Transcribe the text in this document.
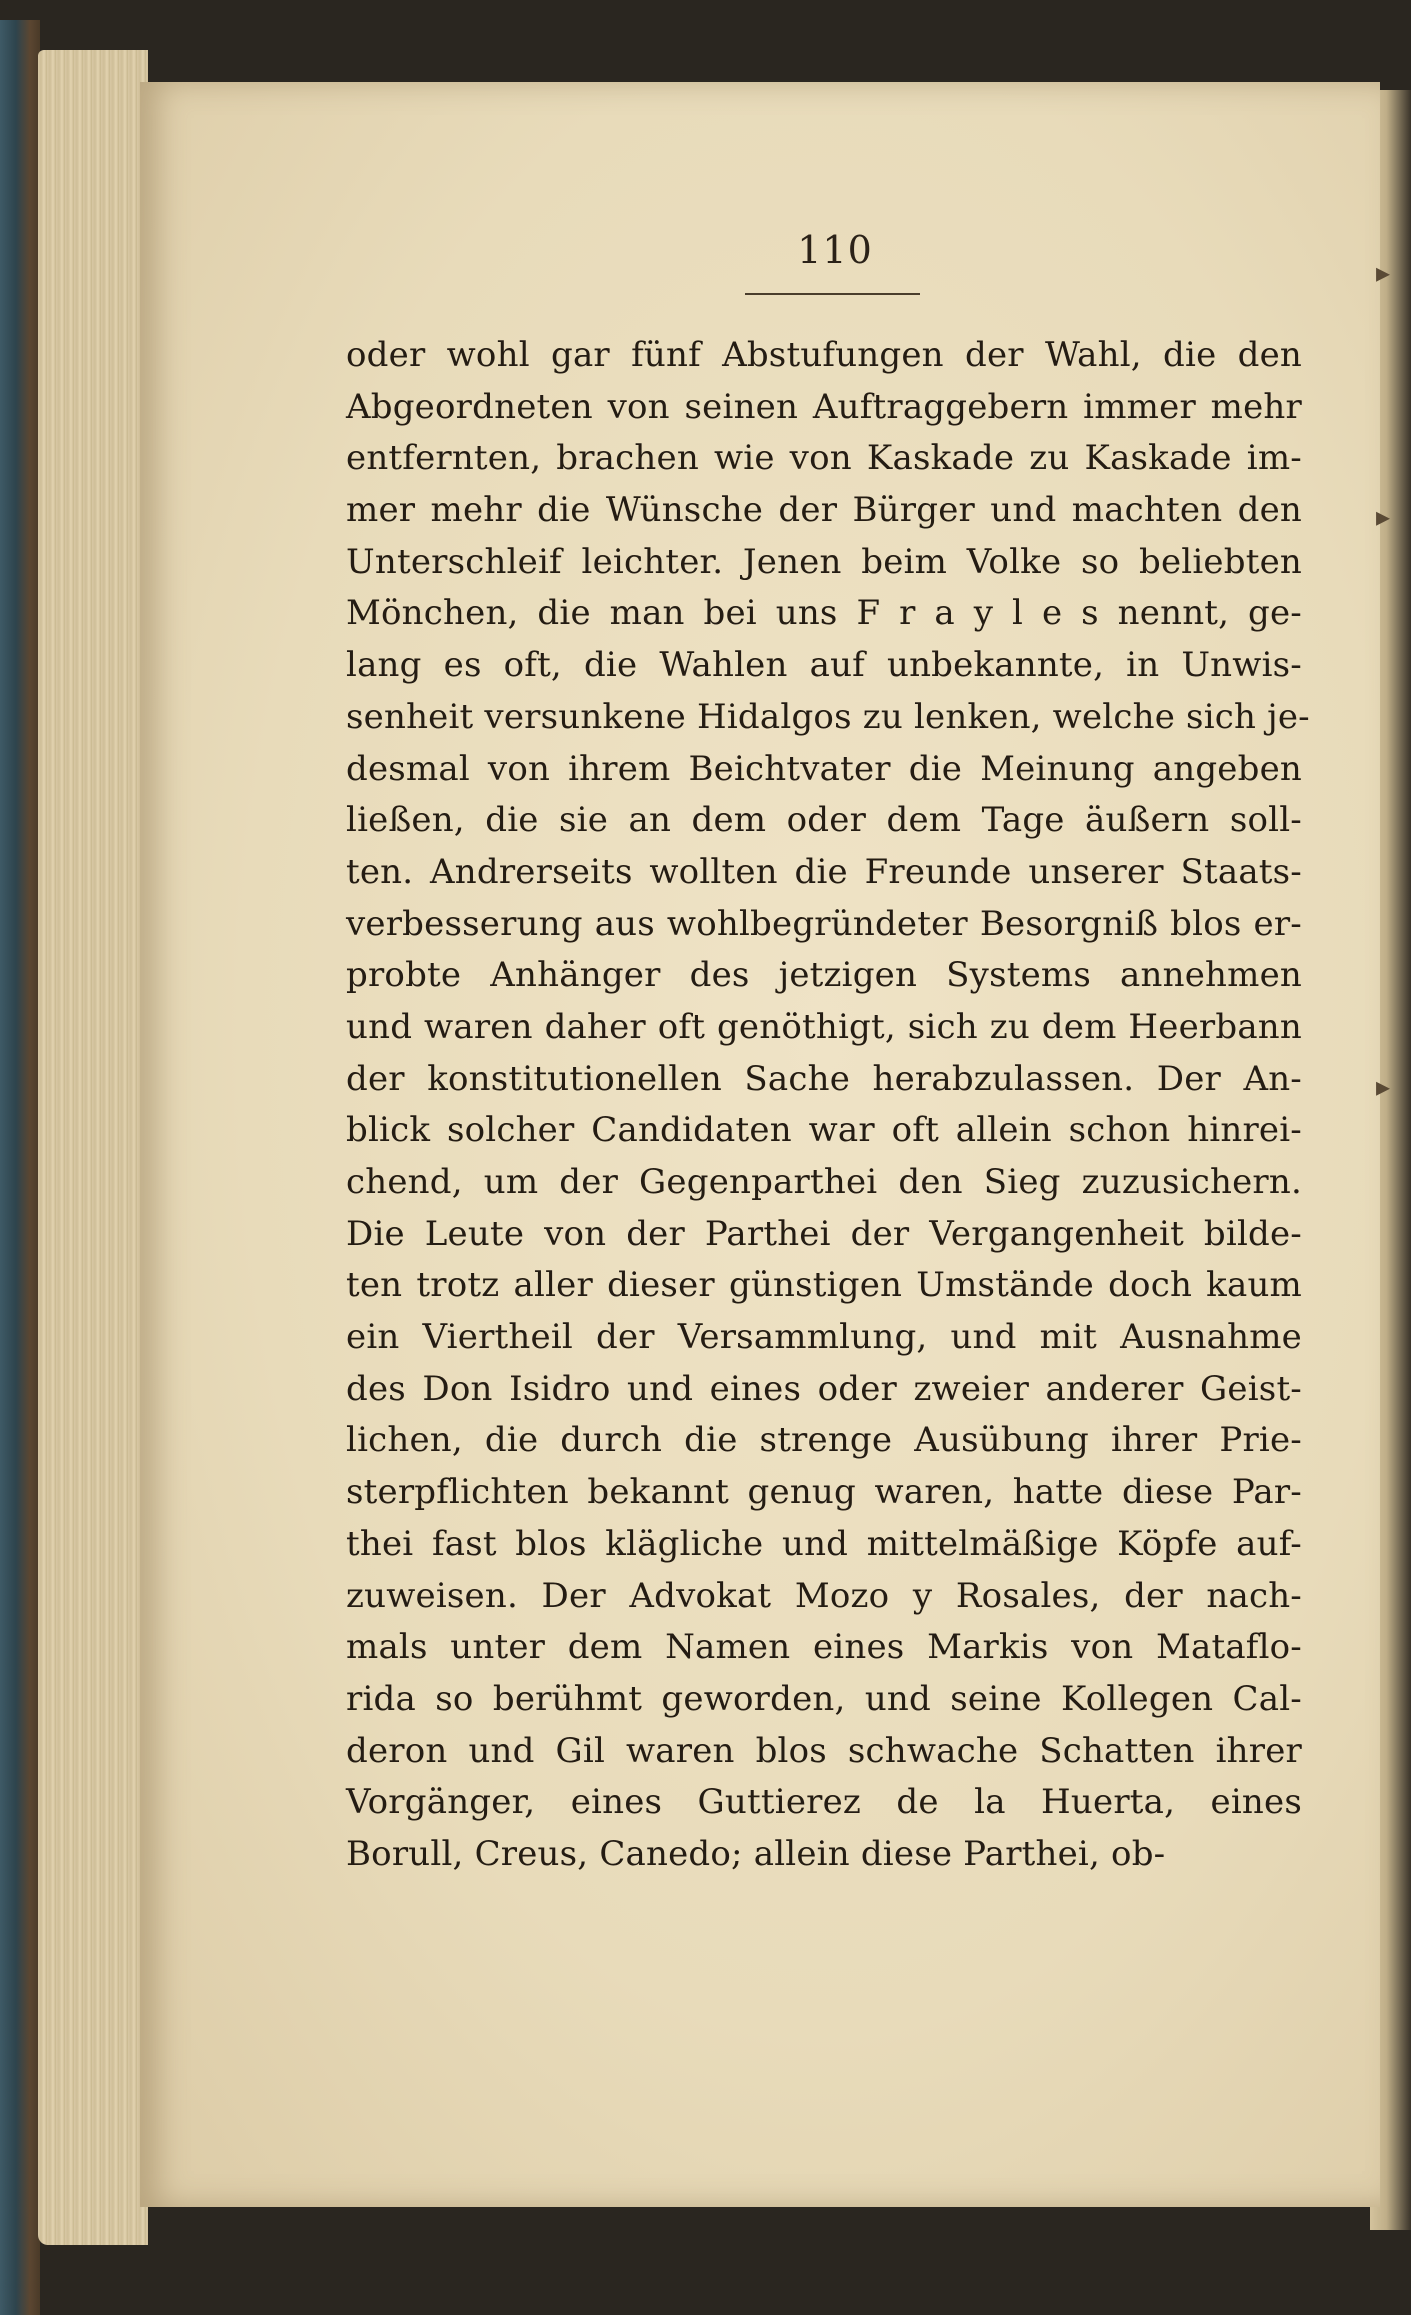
110
oder wohl gar fünf Abstufungen der Wahl, die den
Abgeordneten von seinen Auftraggebern immer mehr
entfernten, brachen wie von Kaskade zu Kaskade im-
mer mehr die Wünsche der Bürger und machten den
Unterschleif leichter. Jenen beim Volke so beliebten
Mönchen, die man bei uns F r a y l e s nennt, ge-
lang es oft, die Wahlen auf unbekannte, in Unwis-
senheit versunkene Hidalgos zu lenken, welche sich je-
desmal von ihrem Beichtvater die Meinung angeben
ließen, die sie an dem oder dem Tage äußern soll-
ten. Andrerseits wollten die Freunde unserer Staats-
verbesserung aus wohlbegründeter Besorgniß blos er-
probte Anhänger des jetzigen Systems annehmen
und waren daher oft genöthigt, sich zu dem Heerbann
der konstitutionellen Sache herabzulassen. Der An-
blick solcher Candidaten war oft allein schon hinrei-
chend, um der Gegenparthei den Sieg zuzusichern.
Die Leute von der Parthei der Vergangenheit bilde-
ten trotz aller dieser günstigen Umstände doch kaum
ein Viertheil der Versammlung, und mit Ausnahme
des Don Isidro und eines oder zweier anderer Geist-
lichen, die durch die strenge Ausübung ihrer Prie-
sterpflichten bekannt genug waren, hatte diese Par-
thei fast blos klägliche und mittelmäßige Köpfe auf-
zuweisen. Der Advokat Mozo y Rosales, der nach-
mals unter dem Namen eines Markis von Mataflo-
rida so berühmt geworden, und seine Kollegen Cal-
deron und Gil waren blos schwache Schatten ihrer
Vorgänger, eines Guttierez de la Huerta, eines
Borull, Creus, Canedo; allein diese Parthei, ob-
▸
▸
▸
